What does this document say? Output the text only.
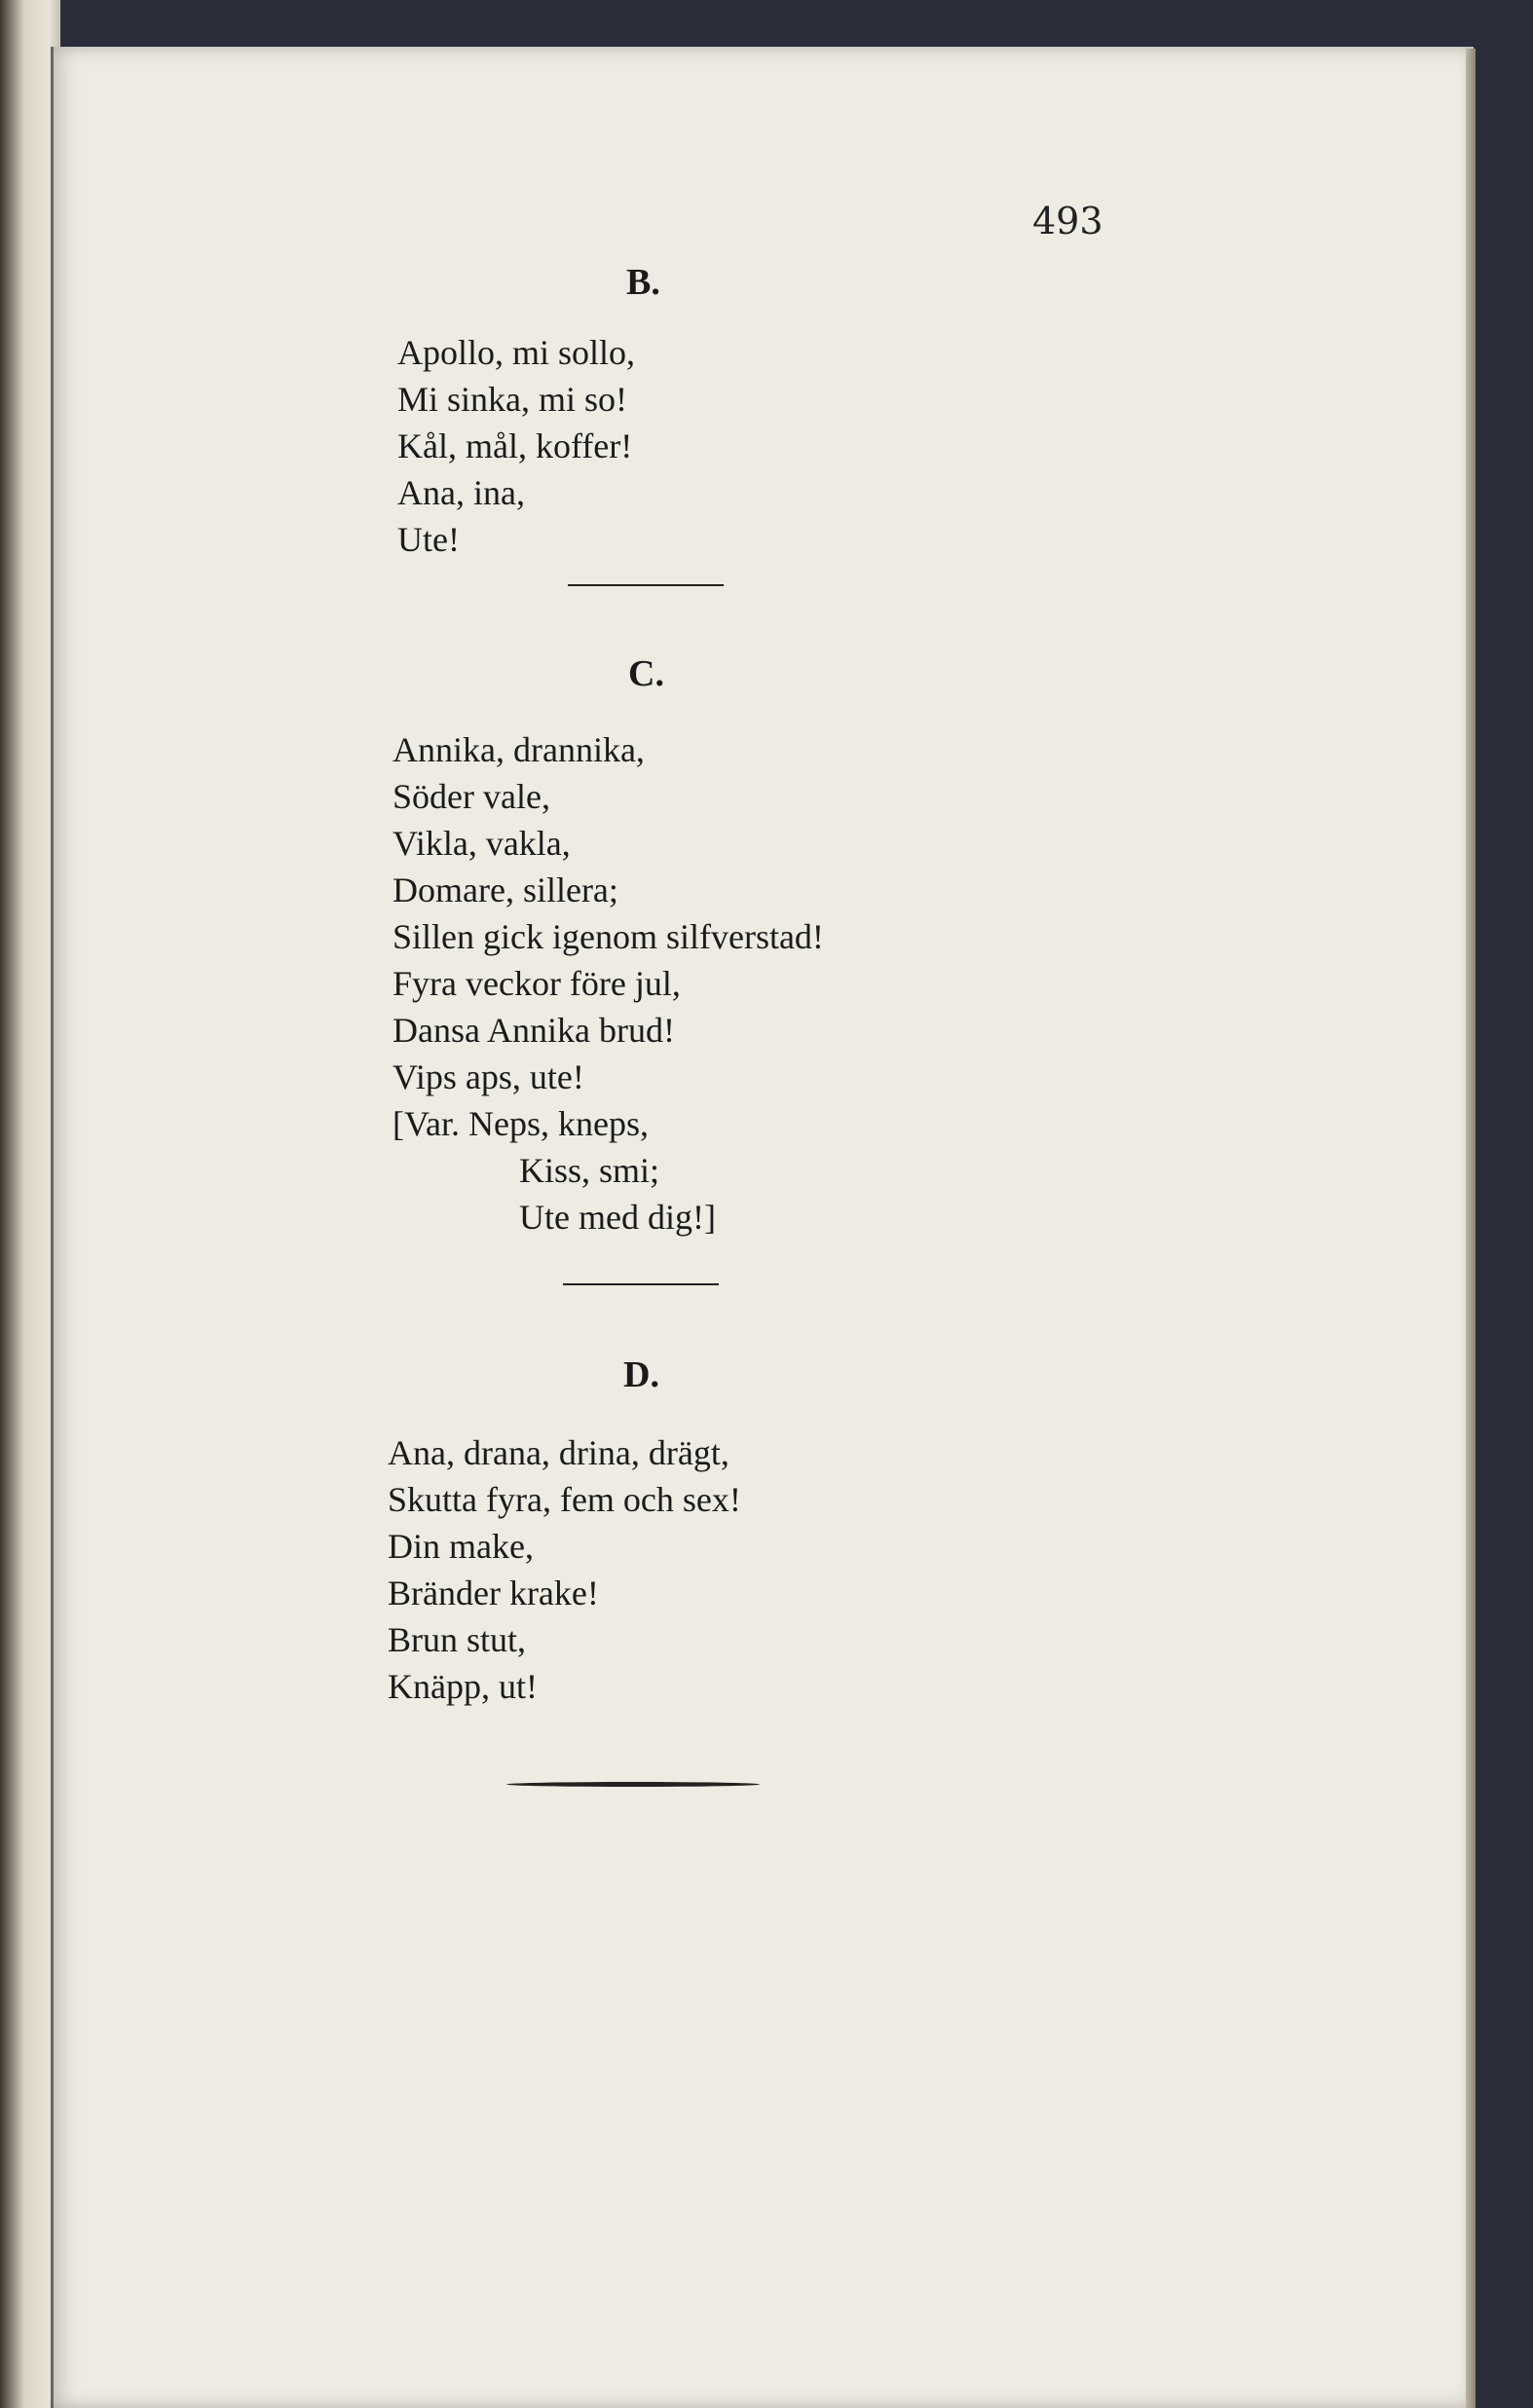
493
B.
Apollo, mi sollo,
Mi sinka, mi so!
Kål, mål, koffer!
Ana, ina,
Ute!
C.
Annika, drannika,
Söder vale,
Vikla, vakla,
Domare, sillera;
Sillen gick igenom silfverstad!
Fyra veckor före jul,
Dansa Annika brud!
Vips aps, ute!
[Var. Neps, kneps,
Kiss, smi;
Ute med dig!]
D.
Ana, drana, drina, drägt,
Skutta fyra, fem och sex!
Din make,
Bränder krake!
Brun stut,
Knäpp, ut!
